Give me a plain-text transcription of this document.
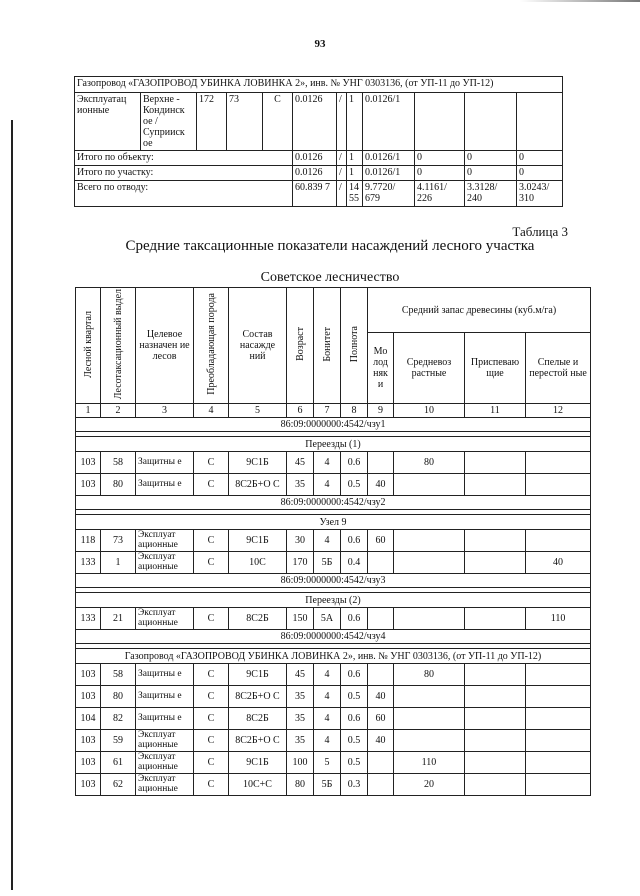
93
Газопровод «ГАЗОПРОВОД УБИНКА ЛОВИНКА 2», инв. № УНГ 0303136, (от УП-11 до УП-12)											
Эксплуатац ионные	Верхне - Кондинск ое /Суприиск ое	172	73	С	0.0126	/	1	0.0126/1			
Итого по объекту:					0.0126	/	1	0.0126/1	0	0	0
Итого по участку:					0.0126	/	1	0.0126/1	0	0	0
Всего по отводу:					60.839 7	/	14 55	9.7720/ 679	4.1161/ 226	3.3128/ 240	3.0243/ 310
Таблица 3
Средние таксационные показатели насаждений лесного участка
Советское лесничество
Лесной квартал	Лесотаксационный выдел	Целевое назначен ие лесов	Преобладающая порода	Состав насажде ний	Возраст	Бонитет	Полнота	Средний запас древесины (куб.м/га)			
								Мо лод няк и	Средневоз растные	Приспеваю щие	Спелые и перестой ные
1	2	3	4	5	6	7	8	9	10	11	12
86:09:0000000:4542/чзу1											

Переезды (1)											
103	58	Защитны е	С	9С1Б	45	4	0.6		80		
103	80	Защитны е	С	8С2Б+О С	35	4	0.5	40			
86:09:0000000:4542/чзу2											

Узел 9											
118	73	Эксплуат ационные	С	9С1Б	30	4	0.6	60			
133	1	Эксплуат ационные	С	10С	170	5Б	0.4				40
86:09:0000000:4542/чзу3											

Переезды (2)											
133	21	Эксплуат ационные	С	8С2Б	150	5А	0.6				110
86:09:0000000:4542/чзу4											

Газопровод «ГАЗОПРОВОД УБИНКА ЛОВИНКА 2», инв. № УНГ 0303136, (от УП-11 до УП-12)											
103	58	Защитны е	С	9С1Б	45	4	0.6		80		
103	80	Защитны е	С	8С2Б+О С	35	4	0.5	40			
104	82	Защитны е	С	8С2Б	35	4	0.6	60			
103	59	Эксплуат ационные	С	8С2Б+О С	35	4	0.5	40			
103	61	Эксплуат ационные	С	9С1Б	100	5	0.5		110		
103	62	Эксплуат ационные	С	10С+С	80	5Б	0.3		20		
